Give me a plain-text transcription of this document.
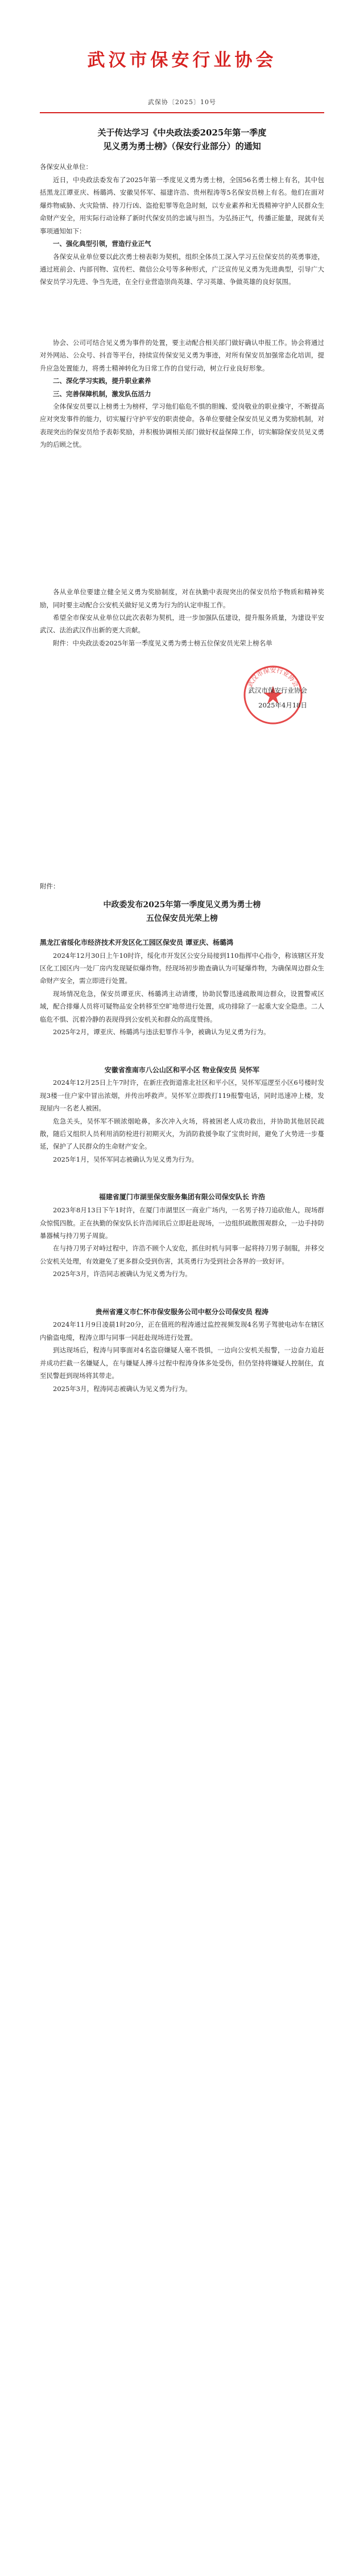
武汉市保安行业协会
武保协〔2025〕10号
关于传达学习《中央政法委2025年第一季度
见义勇为勇士榜》（保安行业部分）的通知
各保安从业单位：

近日，中央政法委发布了2025年第一季度见义勇为勇士榜，全国56名勇士榜上有名，其中包括黑龙江谭亚庆、杨璐鸿、安徽吴怀军、福建许浩、贵州程涛等5名保安员榜上有名。他们在面对爆炸物威胁、火灾险情、持刀行凶、盗抢犯罪等危急时刻，以专业素养和无畏精神守护人民群众生命财产安全，用实际行动诠释了新时代保安员的忠诚与担当。为弘扬正气，传播正能量，现就有关事项通知如下：

一、强化典型引领，营造行业正气

各保安从业单位要以此次勇士榜表彰为契机，组织全体员工深入学习五位保安员的英勇事迹，通过班前会、内部刊物、宣传栏、微信公众号等多种形式，广泛宣传见义勇为先进典型，引导广大保安员学习先进、争当先进，在全行业营造崇尚英雄、学习英雄、争做英雄的良好氛围。

协会、公司可结合见义勇为事件的处置，要主动配合相关部门做好确认申报工作。协会将通过对外网站、公众号、抖音等平台，持续宣传保安见义勇为事迹，对所有保安员加强常态化培训，提升应急处置能力，将勇士精神转化为日常工作的自觉行动，树立行业良好形象。

二、深化学习实践，提升职业素养

三、完善保障机制，激发队伍活力

全体保安员要以上榜勇士为榜样，学习他们临危不惧的胆魄、爱岗敬业的职业操守，不断提高应对突发事件的能力，切实履行守护平安的职责使命。各单位要健全保安员见义勇为奖励机制，对表现突出的保安员给予表彰奖励，并积极协调相关部门做好权益保障工作，切实解除保安员见义勇为的后顾之忧。

各从业单位要建立健全见义勇为奖励制度，对在执勤中表现突出的保安员给予物质和精神奖励，同时要主动配合公安机关做好见义勇为行为的认定申报工作。

希望全市保安从业单位以此次表彰为契机，进一步加强队伍建设，提升服务质量，为建设平安武汉、法治武汉作出新的更大贡献。

附件：中央政法委2025年第一季度见义勇为勇士榜五位保安员光荣上榜名单

武汉市保安行业协会
武汉市保安行业协会
2025年4月18日
附件：
中政委发布2025年第一季度见义勇为勇士榜
五位保安员光荣上榜
黑龙江省绥化市经济技术开发区化工园区保安员 谭亚庆、杨璐鸿

2024年12月30日上午10时许，绥化市开发区公安分局接到110指挥中心指令，称该辖区开发区化工园区内一处厂房内发现疑似爆炸物。经现场初步勘查确认为可疑爆炸物，为确保周边群众生命财产安全，需立即进行处置。

现场情况危急，保安员谭亚庆、杨璐鸿主动请缨，协助民警迅速疏散周边群众，设置警戒区域，配合排爆人员将可疑物品安全转移至空旷地带进行处置，成功排除了一起重大安全隐患。二人临危不惧、沉着冷静的表现得到公安机关和群众的高度赞扬。

2025年2月，谭亚庆、杨璐鸿与违法犯罪作斗争，被确认为见义勇为行为。

安徽省淮南市八公山区和平小区 物业保安员 吴怀军

2024年12月25日上午7时许，在新庄孜街道淮北社区和平小区，吴怀军巡逻至小区6号楼时发现3楼一住户家中冒出浓烟，并传出呼救声。吴怀军立即拨打119报警电话，同时迅速冲上楼，发现屋内一名老人被困。

危急关头，吴怀军不顾浓烟呛鼻，多次冲入火场，将被困老人成功救出，并协助其他居民疏散，随后又组织人员利用消防栓进行初期灭火，为消防救援争取了宝贵时间，避免了火势进一步蔓延，保护了人民群众的生命财产安全。

2025年1月，吴怀军同志被确认为见义勇为行为。

福建省厦门市湖里保安服务集团有限公司保安队长 许浩

2023年8月13日下午1时许，在厦门市湖里区一商业广场内，一名男子持刀追砍他人，现场群众惊慌四散。正在执勤的保安队长许浩闻讯后立即赶赴现场，一边组织疏散围观群众，一边手持防暴器械与持刀男子周旋。

在与持刀男子对峙过程中，许浩不顾个人安危，抓住时机与同事一起将持刀男子制服，并移交公安机关处理，有效避免了更多群众受到伤害，其英勇行为受到社会各界的一致好评。

2025年3月，许浩同志被确认为见义勇为行为。

贵州省遵义市仁怀市保安服务公司中枢分公司保安员 程涛

2024年11月9日凌晨1时20分，正在值班的程涛通过监控视频发现4名男子驾驶电动车在辖区内偷盗电缆，程涛立即与同事一同赶赴现场进行处置。

到达现场后，程涛与同事面对4名盗窃嫌疑人毫不畏惧，一边向公安机关报警，一边奋力追赶并成功拦截一名嫌疑人，在与嫌疑人搏斗过程中程涛身体多处受伤，但仍坚持将嫌疑人控制住，直至民警赶到现场将其带走。

2025年3月，程涛同志被确认为见义勇为行为。
